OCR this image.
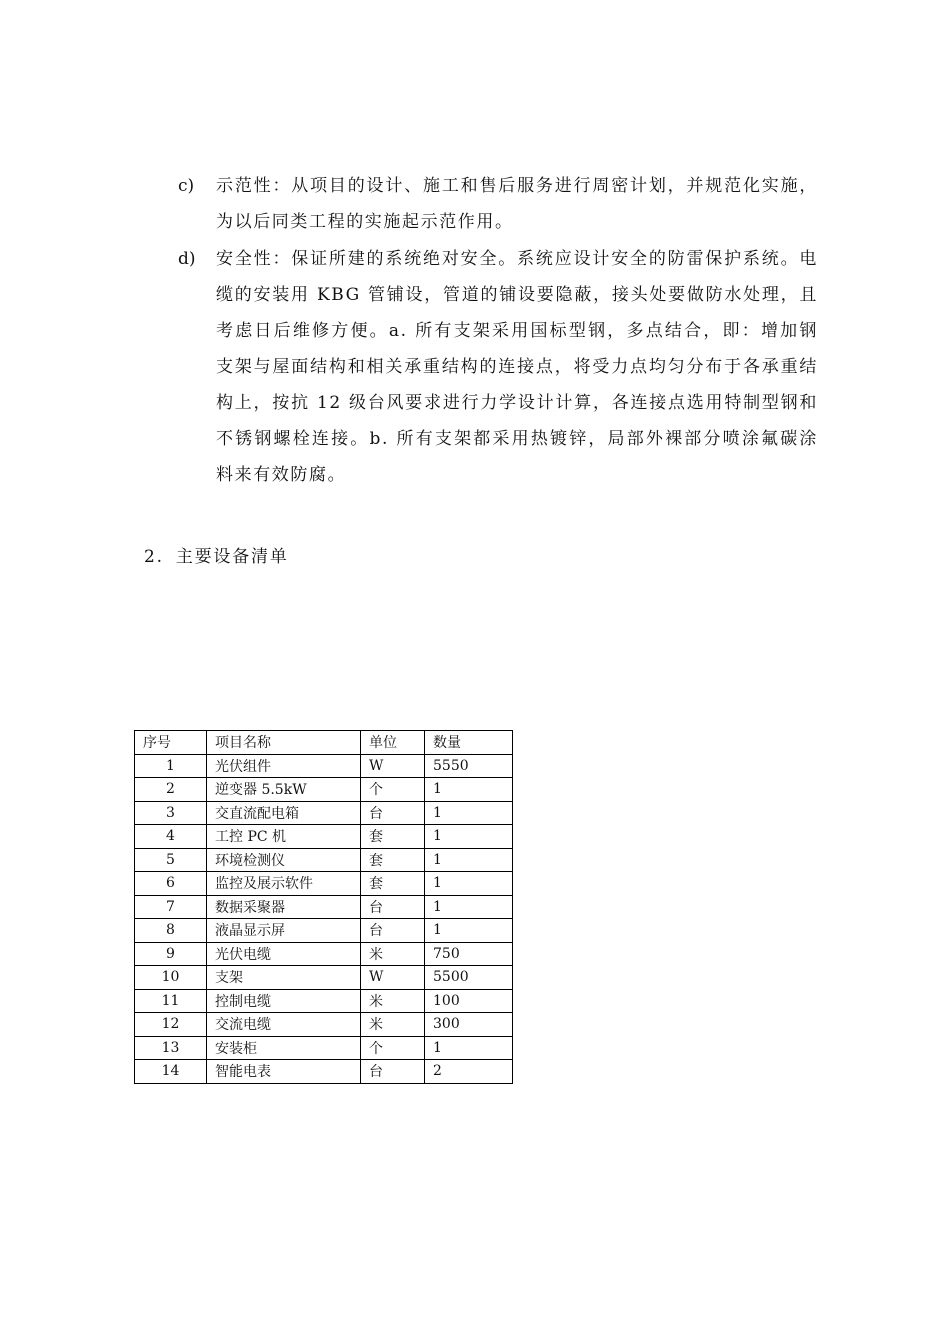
c)	示范性：从项目的设计、施工和售后服务进行周密计划，并规范化实施，为以后同类工程的实施起示范作用。
d)	安全性：保证所建的系统绝对安全。系统应设计安全的防雷保护系统。电缆的安装用 KBG 管铺设，管道的铺设要隐蔽，接头处要做防水处理，且考虑日后维修方便。a. 所有支架采用国标型钢，多点结合，即：增加钢支架与屋面结构和相关承重结构的连接点，将受力点均匀分布于各承重结构上，按抗 12 级台风要求进行力学设计计算，各连接点选用特制型钢和不锈钢螺栓连接。b. 所有支架都采用热镀锌，局部外裸部分喷涂氟碳涂料来有效防腐。
2. 主要设备清单
序号	项目名称	单位	数量
1	光伏组件	W	5550
2	逆变器 5.5kW	个	1
3	交直流配电箱	台	1
4	工控 PC 机	套	1
5	环境检测仪	套	1
6	监控及展示软件	套	1
7	数据采聚器	台	1
8	液晶显示屏	台	1
9	光伏电缆	米	750
10	支架	W	5500
11	控制电缆	米	100
12	交流电缆	米	300
13	安装柜	个	1
14	智能电表	台	2
